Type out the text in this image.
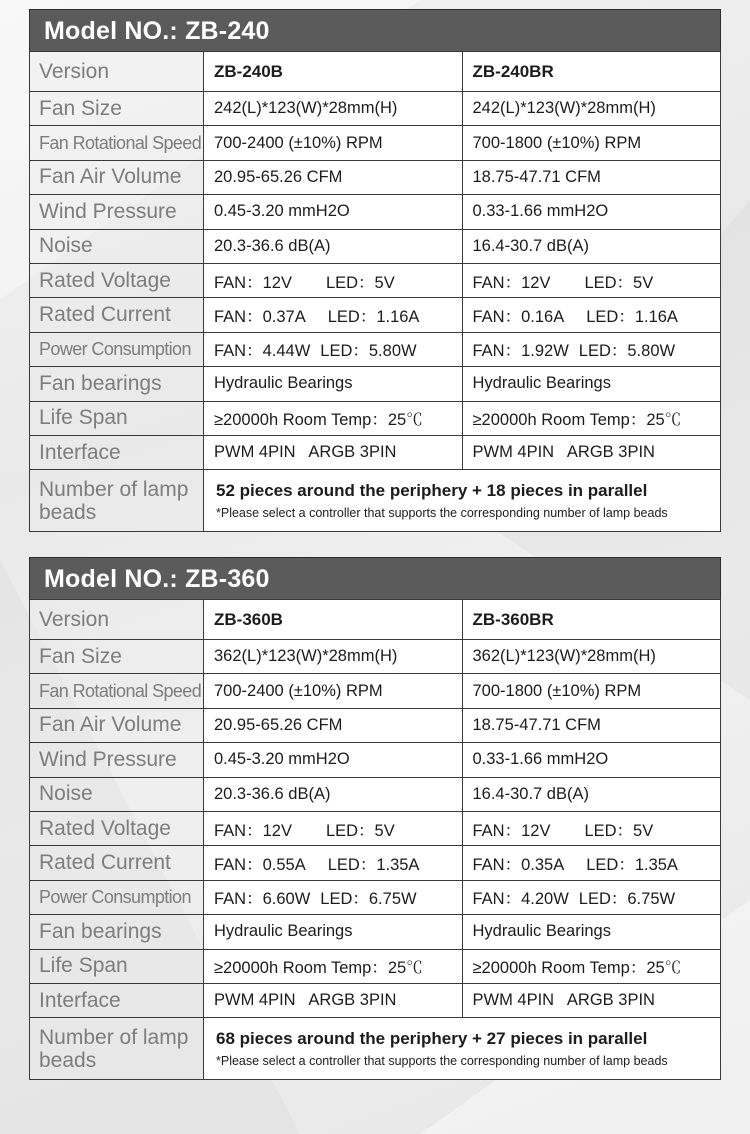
Model NO.: ZB-240
Version	ZB-240B	ZB-240BR
Fan Size	242(L)*123(W)*28mm(H)	242(L)*123(W)*28mm(H)
Fan Rotational Speed	700-2400 (±10%) RPM	700-1800 (±10%) RPM
Fan Air Volume	20.95-65.26 CFM	18.75-47.71 CFM
Wind Pressure	0.45-3.20 mmH2O	0.33-1.66 mmH2O
Noise	20.3-36.6 dB(A)	16.4-30.7 dB(A)
Rated Voltage	FAN：12V LED：5V	FAN：12V LED：5V
Rated Current	FAN：0.37A LED：1.16A	FAN：0.16A LED：1.16A
Power Consumption	FAN：4.44W LED：5.80W	FAN：1.92W LED：5.80W
Fan bearings	Hydraulic Bearings	Hydraulic Bearings
Life Span	≥20000h Room Temp：25℃	≥20000h Room Temp：25℃
Interface	PWM 4PIN   ARGB 3PIN	PWM 4PIN   ARGB 3PIN
Number of lamp beads	52 pieces around the periphery + 18 pieces in parallel
*Please select a controller that supports the corresponding number of lamp beads	
Model NO.: ZB-360
Version	ZB-360B	ZB-360BR
Fan Size	362(L)*123(W)*28mm(H)	362(L)*123(W)*28mm(H)
Fan Rotational Speed	700-2400 (±10%) RPM	700-1800 (±10%) RPM
Fan Air Volume	20.95-65.26 CFM	18.75-47.71 CFM
Wind Pressure	0.45-3.20 mmH2O	0.33-1.66 mmH2O
Noise	20.3-36.6 dB(A)	16.4-30.7 dB(A)
Rated Voltage	FAN：12V LED：5V	FAN：12V LED：5V
Rated Current	FAN：0.55A LED：1.35A	FAN：0.35A LED：1.35A
Power Consumption	FAN：6.60W LED：6.75W	FAN：4.20W LED：6.75W
Fan bearings	Hydraulic Bearings	Hydraulic Bearings
Life Span	≥20000h Room Temp：25℃	≥20000h Room Temp：25℃
Interface	PWM 4PIN   ARGB 3PIN	PWM 4PIN   ARGB 3PIN
Number of lamp beads	68 pieces around the periphery + 27 pieces in parallel
*Please select a controller that supports the corresponding number of lamp beads	
